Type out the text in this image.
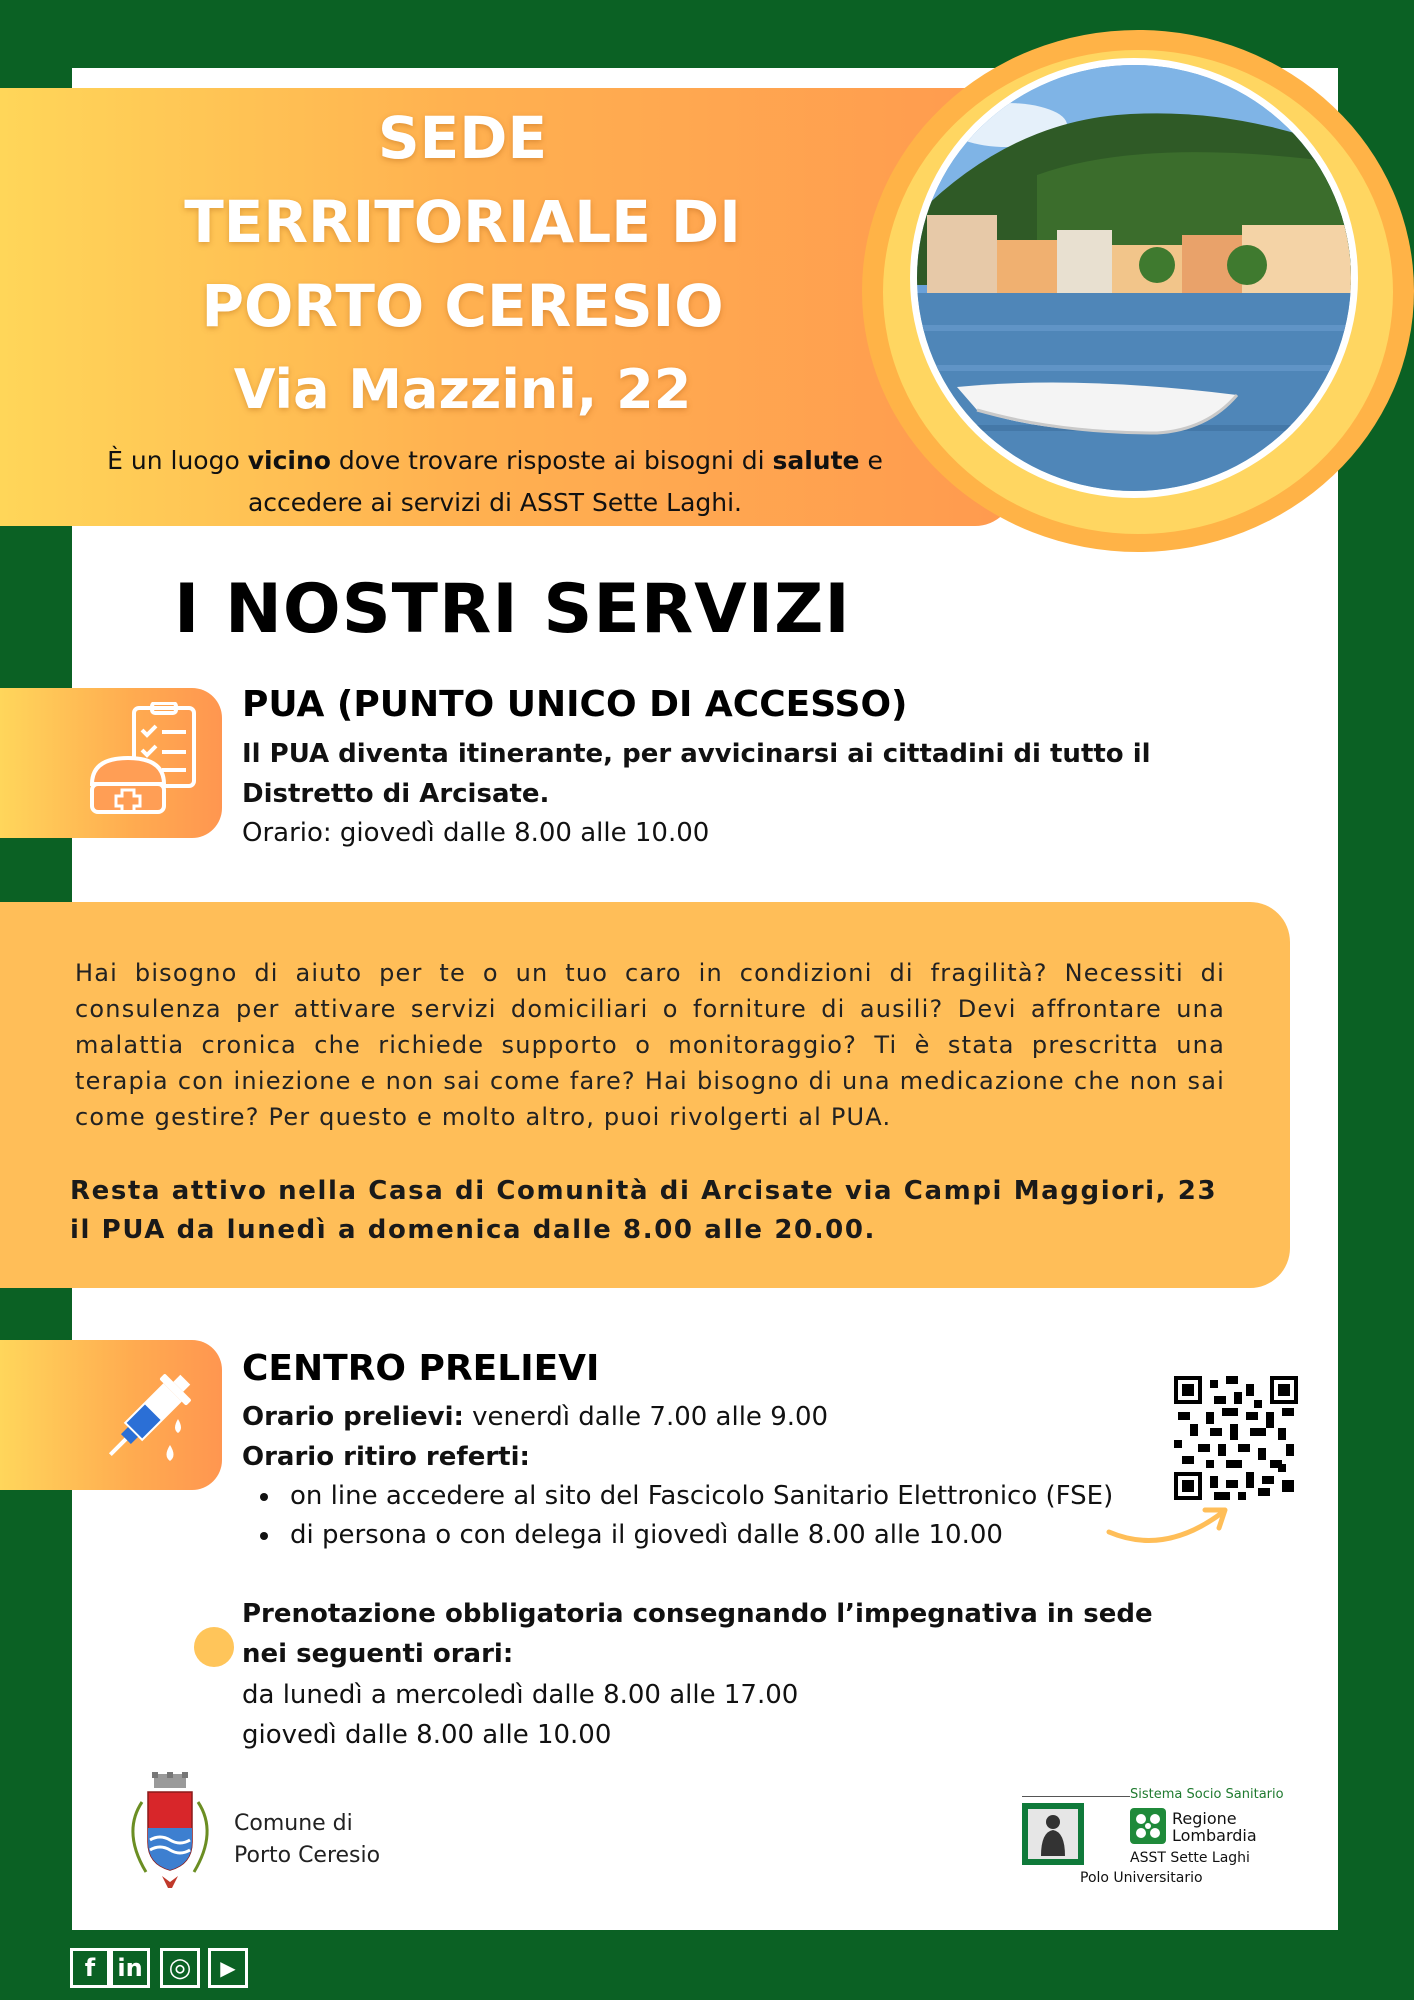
SEDE
TERRITORIALE DI
PORTO CERESIO
Via Mazzini, 22
È un luogo vicino dove trovare risposte ai bisogni di salute e accedere ai servizi di ASST Sette Laghi.
I NOSTRI SERVIZI
PUA (PUNTO UNICO DI ACCESSO)
Il PUA diventa itinerante, per avvicinarsi ai cittadini di tutto il Distretto di Arcisate.
Orario: giovedì dalle 8.00 alle 10.00
Hai bisogno di aiuto per te o un tuo caro in condizioni di fragilità? Necessiti di consulenza per attivare servizi domiciliari o forniture di ausili? Devi affrontare una malattia cronica che richiede supporto o monitoraggio? Ti è stata prescritta una terapia con iniezione e non sai come fare? Hai bisogno di una medicazione che non sai come gestire? Per questo e molto altro, puoi rivolgerti al PUA.
Resta attivo nella Casa di Comunità di Arcisate via Campi Maggiori, 23
il PUA da lunedì a domenica dalle 8.00 alle 20.00.
CENTRO PRELIEVI
Orario prelievi: venerdì dalle 7.00 alle 9.00
Orario ritiro referti:
on line accedere al sito del Fascicolo Sanitario Elettronico (FSE)
di persona o con delega il giovedì dalle 8.00 alle 10.00
Prenotazione obbligatoria consegnando l’impegnativa in sede nei seguenti orari:
da lunedì a mercoledì dalle 8.00 alle 17.00
giovedì dalle 8.00 alle 10.00
Comune di
Porto Ceresio
Sistema Socio Sanitario
Regione
Lombardia
ASST Sette Laghi
Polo Universitario
f in	◎	▶
